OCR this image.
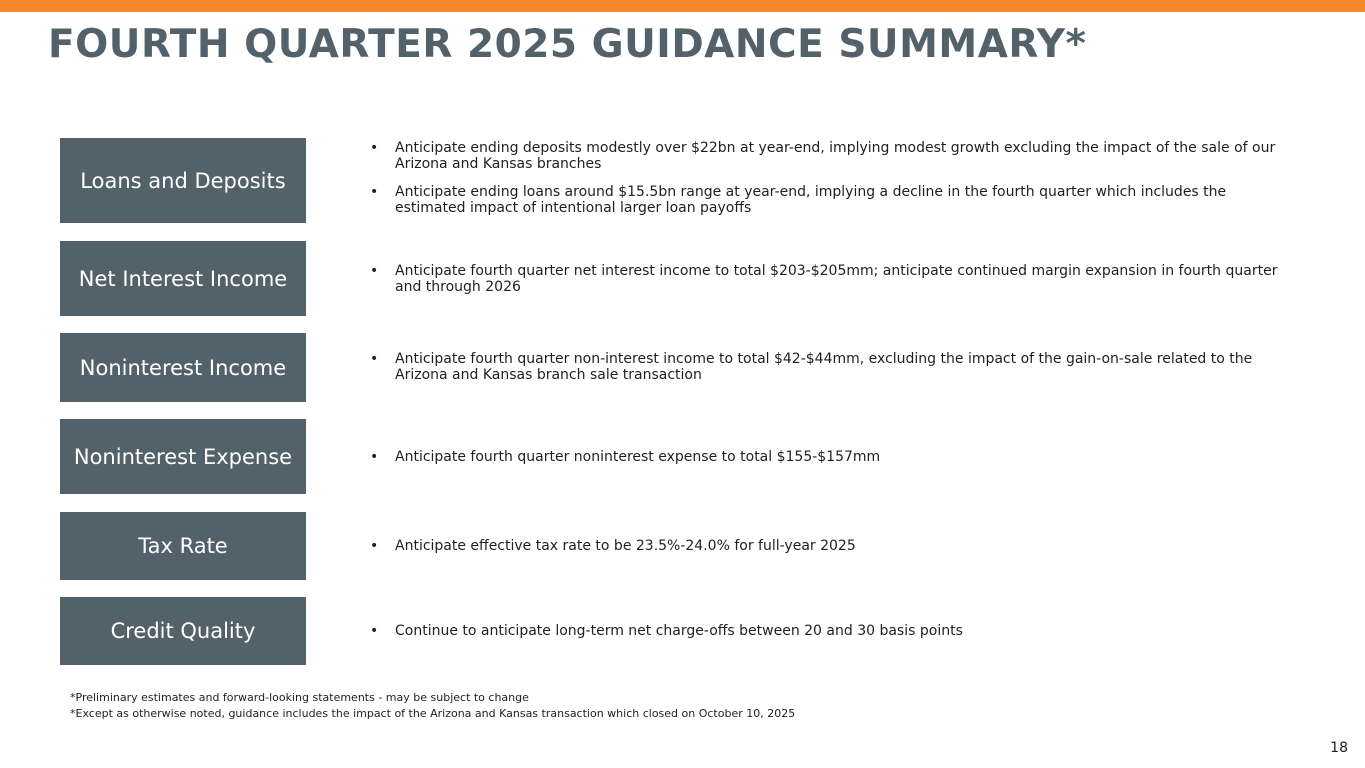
FOURTH QUARTER 2025 GUIDANCE SUMMARY*
Loans and Deposits
• Anticipate ending deposits modestly over $22bn at year-end, implying modest growth excluding the impact of the sale of our Arizona and Kansas branches
• Anticipate ending loans around $15.5bn range at year-end, implying a decline in the fourth quarter which includes the estimated impact of intentional larger loan payoffs
Net Interest Income	• Anticipate fourth quarter net interest income to total $203-$205mm; anticipate continued margin expansion in fourth quarter and through 2026
Noninterest Income	• Anticipate fourth quarter non-interest income to total $42-$44mm, excluding the impact of the gain-on-sale related to the Arizona and Kansas branch sale transaction
Noninterest Expense	• Anticipate fourth quarter noninterest expense to total $155-$157mm
Tax Rate	• Anticipate effective tax rate to be 23.5%-24.0% for full-year 2025
Credit Quality	• Continue to anticipate long-term net charge-offs between 20 and 30 basis points
*Preliminary estimates and forward-looking statements - may be subject to change
*Except as otherwise noted, guidance includes the impact of the Arizona and Kansas transaction which closed on October 10, 2025
18
